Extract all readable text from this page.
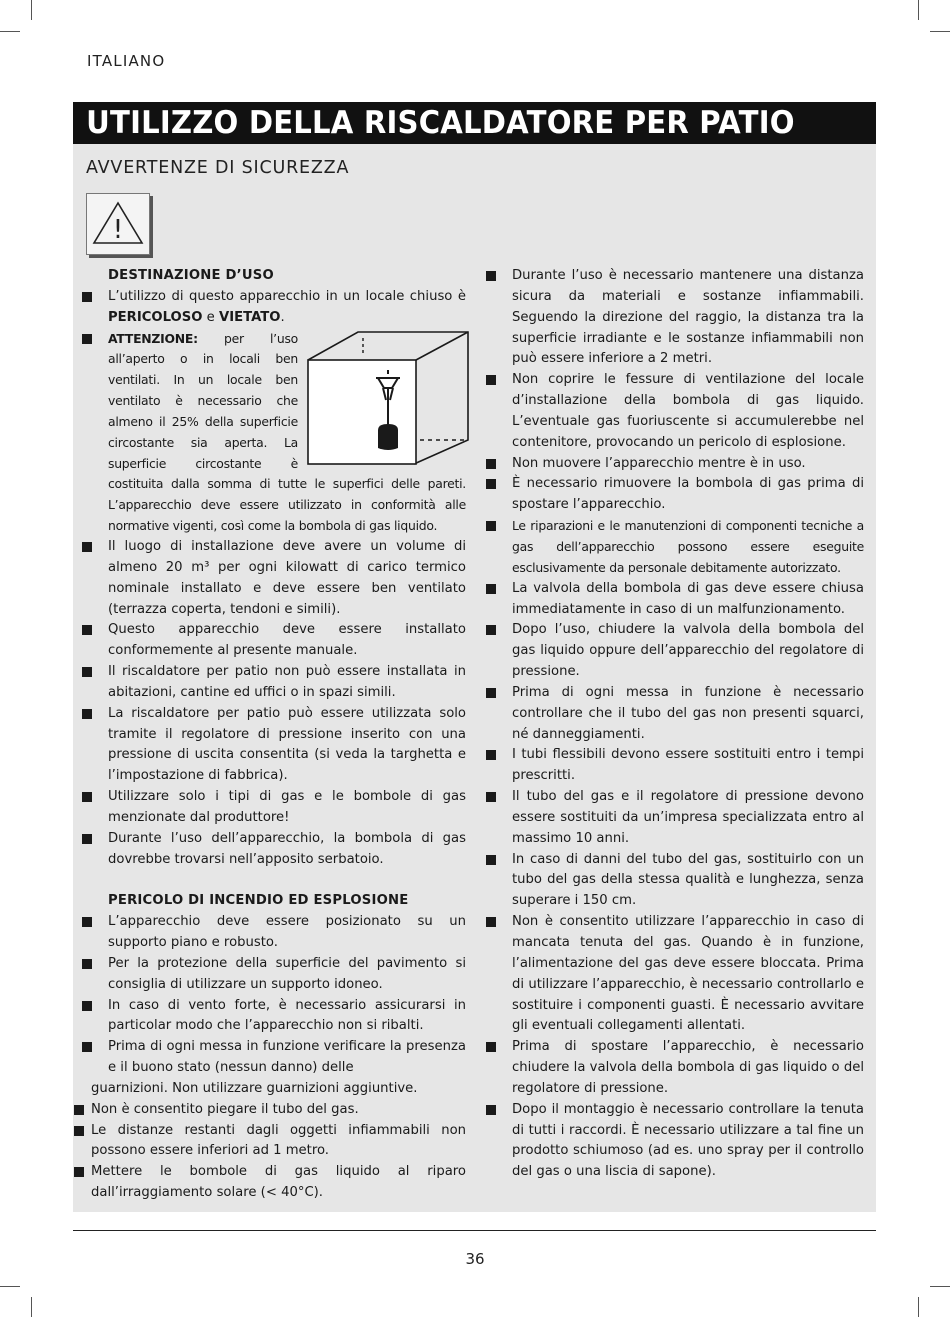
ITALIANO
UTILIZZO DELLA RISCALDATORE PER PATIO
AVVERTENZE DI SICUREZZA
!
DESTINAZIONE D’USO

L’utilizzo di questo apparecchio in un locale chiuso è PERICOLOSO e VIETATO.

ATTENZIONE: per l’uso all’aperto o in locali ben ventilati. In un locale ben ventilato è necessario che almeno il 25% della superficie circostante sia aperta. La superficie circostante è costituita dalla somma di tutte le superfici delle pareti. L’apparecchio deve essere utilizzato in conformità alle normative vigenti, così come la bombola di gas liquido.

Il luogo di installazione deve avere un volume di almeno 20 m³ per ogni kilowatt di carico termico nominale installato e deve essere ben ventilato (terrazza coperta, tendoni e simili).

Questo apparecchio deve essere installato conformemente al presente manuale.

Il riscaldatore per patio non può essere installata in abitazioni, cantine ed uffici o in spazi simili.

La riscaldatore per patio può essere utilizzata solo tramite il regolatore di pressione inserito con una pressione di uscita consentita (si veda la targhetta e l’impostazione di fabbrica).

Utilizzare solo i tipi di gas e le bombole di gas menzionate dal produttore!

Durante l’uso dell’apparecchio, la bombola di gas dovrebbe trovarsi nell’apposito serbatoio.

PERICOLO DI INCENDIO ED ESPLOSIONE

L’apparecchio deve essere posizionato su un supporto piano e robusto.

Per la protezione della superficie del pavimento si consiglia di utilizzare un supporto idoneo.

In caso di vento forte, è necessario assicurarsi in particolar modo che l’apparecchio non si ribalti.

Prima di ogni messa in funzione verificare la presenza e il buono stato (nessun danno) delle

guarnizioni. Non utilizzare guarnizioni aggiuntive.

Non è consentito piegare il tubo del gas.

Le distanze restanti dagli oggetti infiammabili non possono essere inferiori ad 1 metro.

Mettere le bombole di gas liquido al riparo dall’irraggiamento solare (< 40°C).

Durante l’uso è necessario mantenere una distanza sicura da materiali e sostanze infiammabili. Seguendo la direzione del raggio, la distanza tra la superficie irradiante e le sostanze infiammabili non può essere inferiore a 2 metri.

Non coprire le fessure di ventilazione del locale d’installazione della bombola di gas liquido. L’eventuale gas fuoriuscente si accumulerebbe nel contenitore, provocando un pericolo di esplosione.

Non muovere l’apparecchio mentre è in uso.

È necessario rimuovere la bombola di gas prima di spostare l’apparecchio.

Le riparazioni e le manutenzioni di componenti tecniche a gas dell’apparecchio possono essere eseguite esclusivamente da personale debitamente autorizzato.

La valvola della bombola di gas deve essere chiusa immediatamente in caso di un malfunzionamento.

Dopo l’uso, chiudere la valvola della bombola del gas liquido oppure dell’apparecchio del regolatore di pressione.

Prima di ogni messa in funzione è necessario controllare che il tubo del gas non presenti squarci, né danneggiamenti.

I tubi flessibili devono essere sostituiti entro i tempi prescritti.

Il tubo del gas e il regolatore di pressione devono essere sostituiti da un’impresa specializzata entro al massimo 10 anni.

In caso di danni del tubo del gas, sostituirlo con un tubo del gas della stessa qualità e lunghezza, senza superare i 150 cm.

Non è consentito utilizzare l’apparecchio in caso di mancata tenuta del gas. Quando è in funzione, l’alimentazione del gas deve essere bloccata. Prima di utilizzare l’apparecchio, è necessario controllarlo e sostituire i componenti guasti. È necessario avvitare gli eventuali collegamenti allentati.

Prima di spostare l’apparecchio, è necessario chiudere la valvola della bombola di gas liquido o del regolatore di pressione.

Dopo il montaggio è necessario controllare la tenuta di tutti i raccordi. È necessario utilizzare a tal fine un prodotto schiumoso (ad es. uno spray per il controllo del gas o una liscia di sapone).

36
